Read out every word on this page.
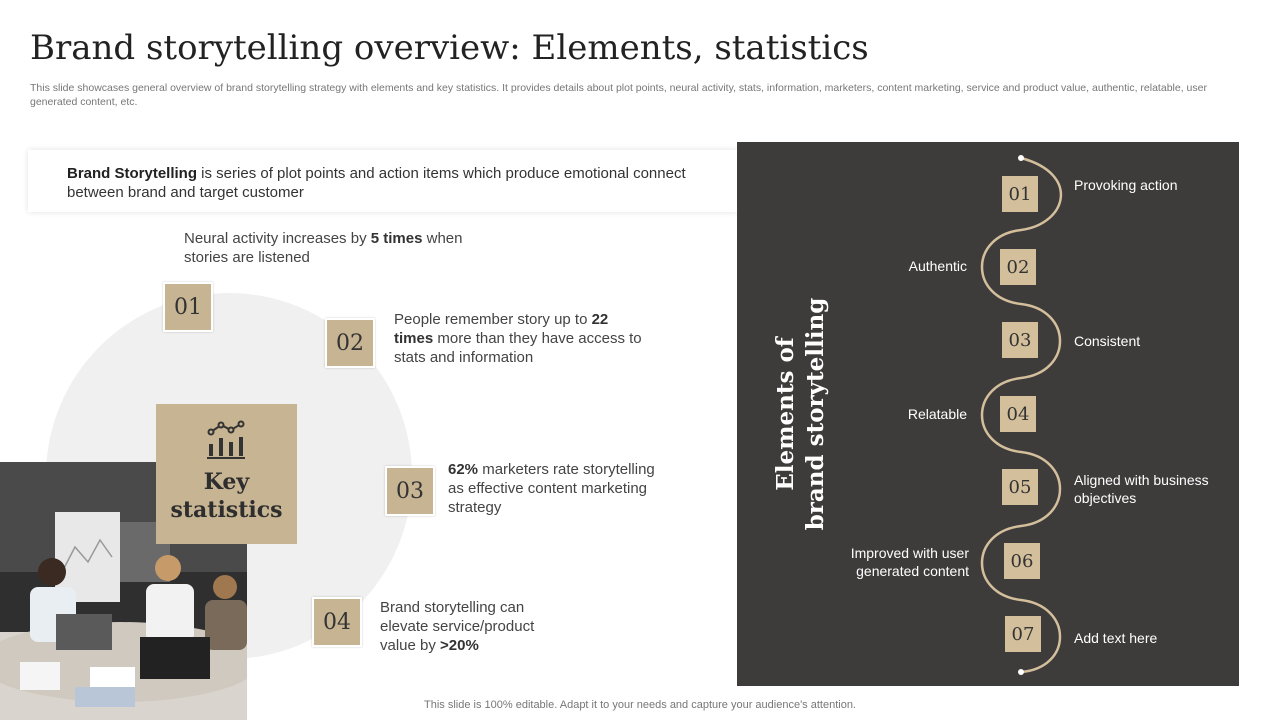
Brand storytelling overview: Elements, statistics
This slide showcases general overview of brand storytelling strategy with elements and key statistics. It provides details about plot points, neural activity, stats, information, marketers, content marketing, service and product value, authentic, relatable, user generated content, etc.
Brand Storytelling is series of plot points and action items which produce emotional connect between brand and target customer
Key
statistics
01
Neural activity increases by 5 times when stories are listened
02
People remember story up to 22 times more than they have access to stats and information
03
62% marketers rate storytelling as effective content marketing strategy
04
Brand storytelling can elevate service/product value by >20%
Elements of brand storytelling
01	Provoking action
02
Authentic
03	Consistent
04
Relatable
05	Aligned with business objectives
06
Improved with user generated content
07	Add text here
This slide is 100% editable. Adapt it to your needs and capture your audience's attention.
